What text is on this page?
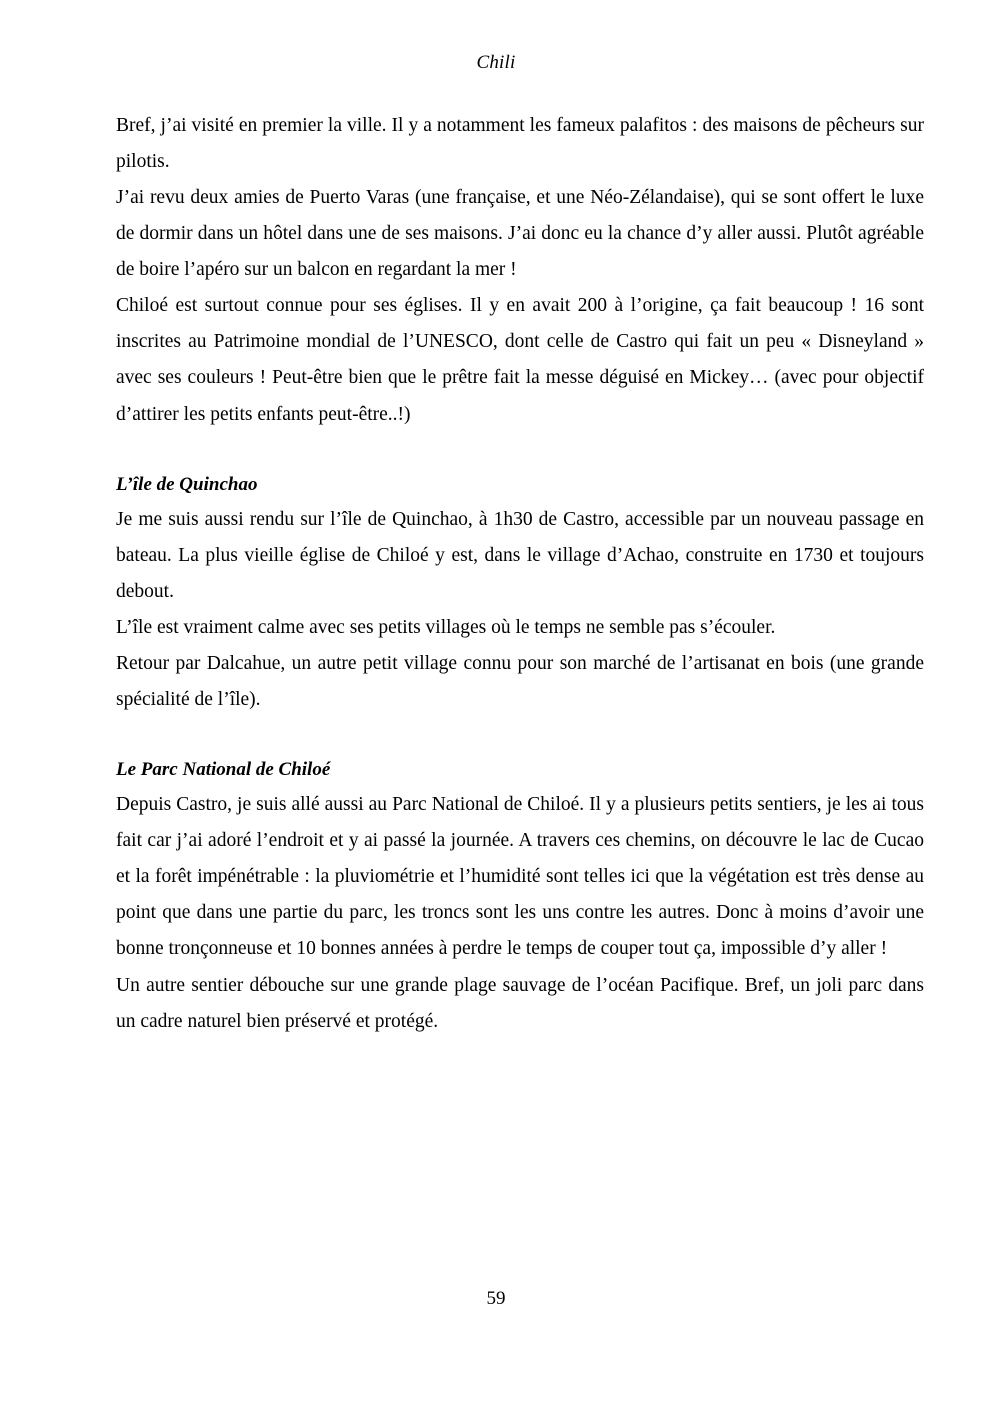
Chili

Bref, j’ai visité en premier la ville. Il y a notamment les fameux palafitos : des maisons de pêcheurs sur pilotis.

J’ai revu deux amies de Puerto Varas (une française, et une Néo-Zélandaise), qui se sont offert le luxe de dormir dans un hôtel dans une de ses maisons. J’ai donc eu la chance d’y aller aussi. Plutôt agréable de boire l’apéro sur un balcon en regardant la mer !

Chiloé est surtout connue pour ses églises. Il y en avait 200 à l’origine, ça fait beaucoup ! 16 sont inscrites au Patrimoine mondial de l’UNESCO, dont celle de Castro qui fait un peu « Disneyland » avec ses couleurs ! Peut-être bien que le prêtre fait la messe déguisé en Mickey… (avec pour objectif d’attirer les petits enfants peut-être..!)

L’île de Quinchao

Je me suis aussi rendu sur l’île de Quinchao, à 1h30 de Castro, accessible par un nouveau passage en bateau. La plus vieille église de Chiloé y est, dans le village d’Achao, construite en 1730 et toujours debout.

L’île est vraiment calme avec ses petits villages où le temps ne semble pas s’écouler.

Retour par Dalcahue, un autre petit village connu pour son marché de l’artisanat en bois (une grande spécialité de l’île).

Le Parc National de Chiloé

Depuis Castro, je suis allé aussi au Parc National de Chiloé. Il y a plusieurs petits sentiers, je les ai tous fait car j’ai adoré l’endroit et y ai passé la journée. A travers ces chemins, on découvre le lac de Cucao et la forêt impénétrable : la pluviométrie et l’humidité sont telles ici que la végétation est très dense au point que dans une partie du parc, les troncs sont les uns contre les autres. Donc à moins d’avoir une bonne tronçonneuse et 10 bonnes années à perdre le temps de couper tout ça, impossible d’y aller !

Un autre sentier débouche sur une grande plage sauvage de l’océan Pacifique. Bref, un joli parc dans un cadre naturel bien préservé et protégé.

59
